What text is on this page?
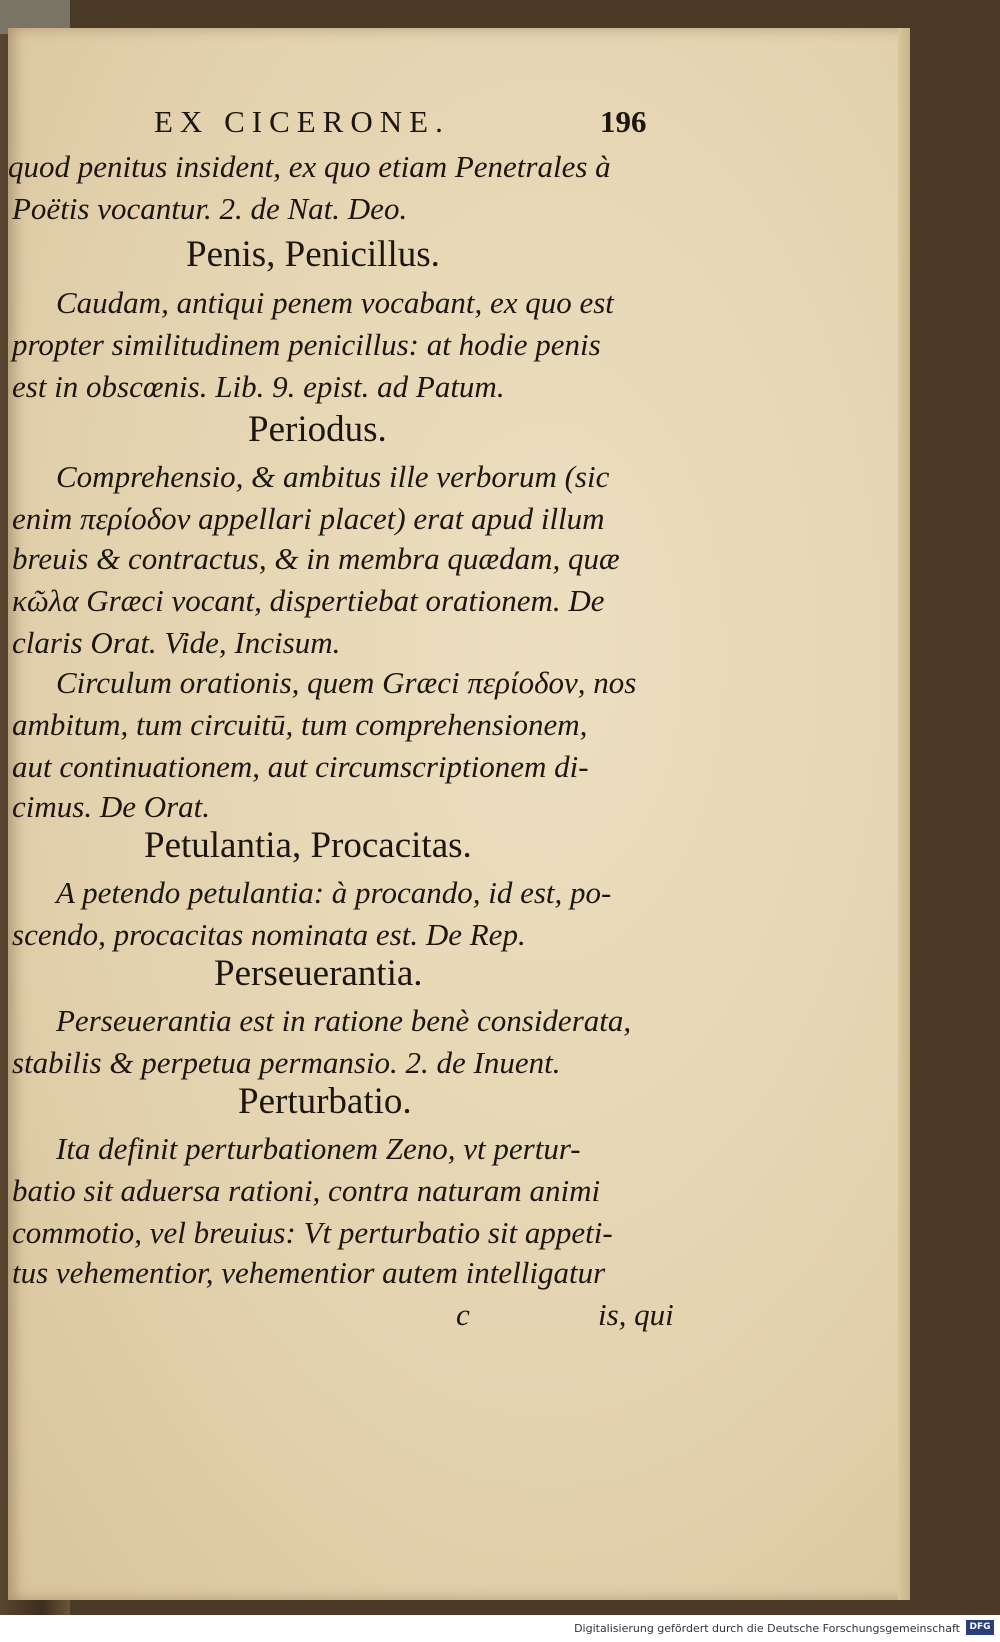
EX CICERONE.	196
quod penitus insident, ex quo etiam Penetrales à
Poëtis vocantur. 2. de Nat. Deo.
Penis, Penicillus.
Caudam, antiqui penem vocabant, ex quo est
propter similitudinem penicillus: at hodie penis
est in obscœnis. Lib. 9. epist. ad Patum.
Periodus.
Comprehensio, & ambitus ille verborum (sic
enim περίοδον appellari placet) erat apud illum
breuis & contractus, & in membra quædam, quæ
κῶλα Græci vocant, dispertiebat orationem. De
claris Orat. Vide, Incisum.
Circulum orationis, quem Græci περίοδον, nos
ambitum, tum circuitū, tum comprehensionem,
aut continuationem, aut circumscriptionem di-
cimus. De Orat.
Petulantia, Procacitas.
A petendo petulantia: à procando, id est, po-
scendo, procacitas nominata est. De Rep.
Perseuerantia.
Perseuerantia est in ratione benè considerata,
stabilis & perpetua permansio. 2. de Inuent.
Perturbatio.
Ita definit perturbationem Zeno, vt pertur-
batio sit aduersa rationi, contra naturam animi
commotio, vel breuius: Vt perturbatio sit appeti-
tus vehementior, vehementior autem intelligatur
c	is, qui
Digitalisierung gefördert durch die Deutsche Forschungsgemeinschaft	DFG
